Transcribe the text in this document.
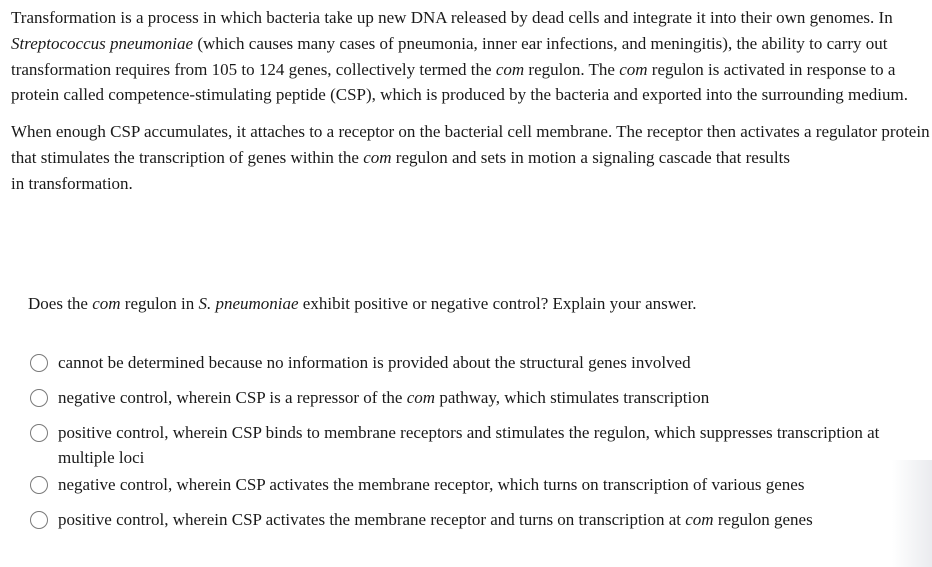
Transformation is a process in which bacteria take up new DNA released by dead cells and integrate it into their own genomes. In Streptococcus pneumoniae (which causes many cases of pneumonia, inner ear infections, and meningitis), the ability to carry out transformation requires from 105 to 124 genes, collectively termed the com regulon. The com regulon is activated in response to a protein called competence-stimulating peptide (CSP), which is produced by the bacteria and exported into the surrounding medium.

When enough CSP accumulates, it attaches to a receptor on the bacterial cell membrane. The receptor then activates a regulator protein that stimulates the transcription of genes within the com regulon and sets in motion a signaling cascade that results
in transformation.

Does the com regulon in S. pneumoniae exhibit positive or negative control? Explain your answer.
cannot be determined because no information is provided about the structural genes involved
negative control, wherein CSP is a repressor of the com pathway, which stimulates transcription
positive control, wherein CSP binds to membrane receptors and stimulates the regulon, which suppresses transcription at multiple loci
negative control, wherein CSP activates the membrane receptor, which turns on transcription of various genes
positive control, wherein CSP activates the membrane receptor and turns on transcription at com regulon genes
